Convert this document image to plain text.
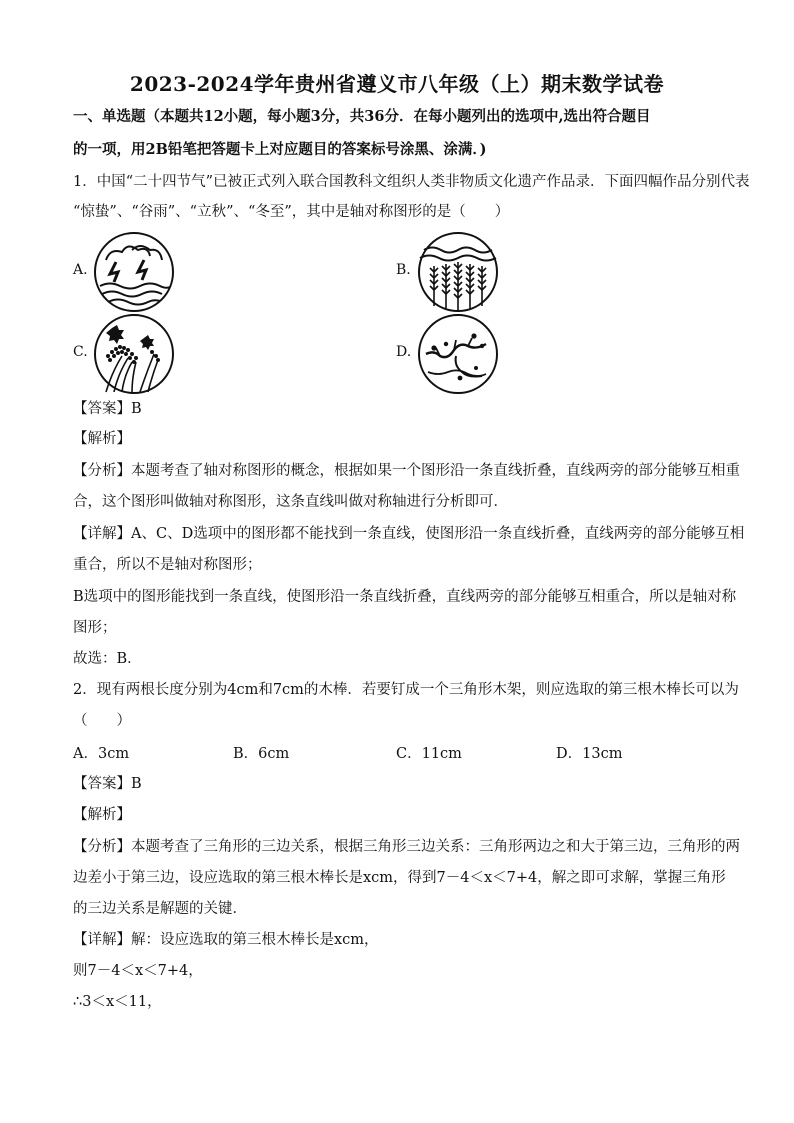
2023-2024学年贵州省遵义市八年级（上）期末数学试卷
一、单选题（本题共12小题，每小题3分，共36分．在每小题列出的选项中,选出符合题目
的一项，用2B铅笔把答题卡上对应题目的答案标号涂黑、涂满．)
1．中国“二十四节气”已被正式列入联合国教科文组织人类非物质文化遗产作品录．下面四幅作品分别代表
“惊蛰”、“谷雨”、“立秋”、“冬至”，其中是轴对称图形的是（　　）
A.	B.
C.	D.
【答案】B
【解析】
【分析】本题考查了轴对称图形的概念，根据如果一个图形沿一条直线折叠，直线两旁的部分能够互相重
合，这个图形叫做轴对称图形，这条直线叫做对称轴进行分析即可．
【详解】A、C、D选项中的图形都不能找到一条直线，使图形沿一条直线折叠，直线两旁的部分能够互相
重合，所以不是轴对称图形；
B选项中的图形能找到一条直线，使图形沿一条直线折叠，直线两旁的部分能够互相重合，所以是轴对称
图形；
故选：B．
2．现有两根长度分别为4cm和7cm的木棒．若要钉成一个三角形木架，则应选取的第三根木棒长可以为
（　　）
A．3cm	B．6cm	C．11cm	D．13cm
【答案】B
【解析】
【分析】本题考查了三角形的三边关系，根据三角形三边关系：三角形两边之和大于第三边，三角形的两
边差小于第三边，设应选取的第三根木棒长是xcm，得到7－4＜x＜7+4，解之即可求解，掌握三角形
的三边关系是解题的关键．
【详解】解：设应选取的第三根木棒长是xcm，
则7－4＜x＜7+4，
∴3＜x＜11，
